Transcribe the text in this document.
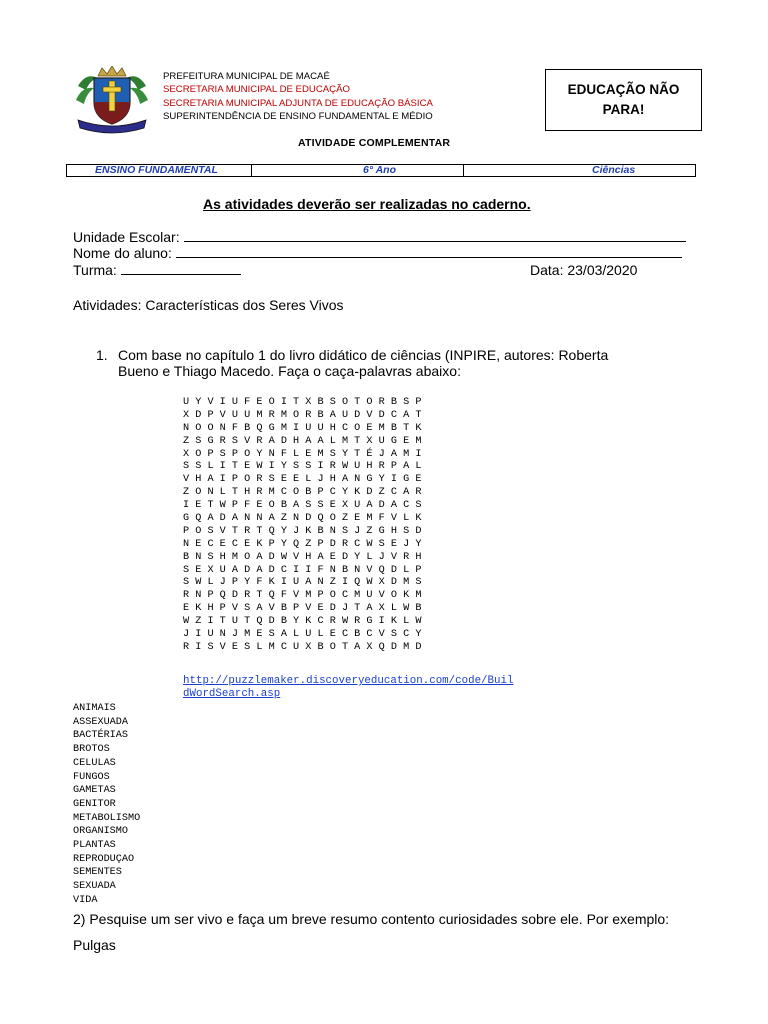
PREFEITURA MUNICIPAL DE MACAÉ
SECRETARIA MUNICIPAL DE EDUCAÇÃO
SECRETARIA MUNICIPAL ADJUNTA DE EDUCAÇÃO BÁSICA
SUPERINTENDÊNCIA DE ENSINO FUNDAMENTAL E MÉDIO
ATIVIDADE COMPLEMENTAR
EDUCAÇÃO NÃO PARA!
ENSINO FUNDAMENTAL	6° Ano	Ciências
As atividades deverão ser realizadas no caderno.
Unidade Escolar:
Nome do aluno:
Turma:	Data: 23/03/2020
Atividades: Características dos Seres Vivos
1. Com base no capítulo 1 do livro didático de ciências (INPIRE, autores: Roberta
Bueno e Thiago Macedo. Faça o caça-palavras abaixo:
U Y V I U F E O I T X B S O T O R B S P
X D P V U U M R M O R B A U D V D C A T
N O O N F B Q G M I U U H C O E M B T K
Z S G R S V R A D H A A L M T X U G E M
X O P S P O Y N F L E M S Y T É J A M I
S S L I T E W I Y S S I R W U H R P A L
V H A I P O R S E E L J H A N G Y I G E
Z O N L T H R M C O B P C Y K D Z C A R
I E T W P F E O B A S S E X U A D A C S
G Q A D A N N A Z N D Q O Z E M F V L K
P O S V T R T Q Y J K B N S J Z G H S D
N E C E C E K P Y Q Z P D R C W S E J Y
B N S H M O A D W V H A E D Y L J V R H
S E X U A D A D C I I F N B N V Q D L P
S W L J P Y F K I U A N Z I Q W X D M S
R N P Q D R T Q F V M P O C M U V O K M
E K H P V S A V B P V E D J T A X L W B
W Z I T U T Q D B Y K C R W R G I K L W
J I U N J M E S A L U L E C B C V S C Y
R I S V E S L M C U X B O T A X Q D M D
http://puzzlemaker.discoveryeducation.com/code/Buil
dWordSearch.asp
ANIMAIS
ASSEXUADA
BACTÉRIAS
BROTOS
CELULAS
FUNGOS
GAMETAS
GENITOR
METABOLISMO
ORGANISMO
PLANTAS
REPRODUÇAO
SEMENTES
SEXUADA
VIDA
2) Pesquise um ser vivo e faça um breve resumo contento curiosidades sobre ele. Por exemplo: Pulgas
